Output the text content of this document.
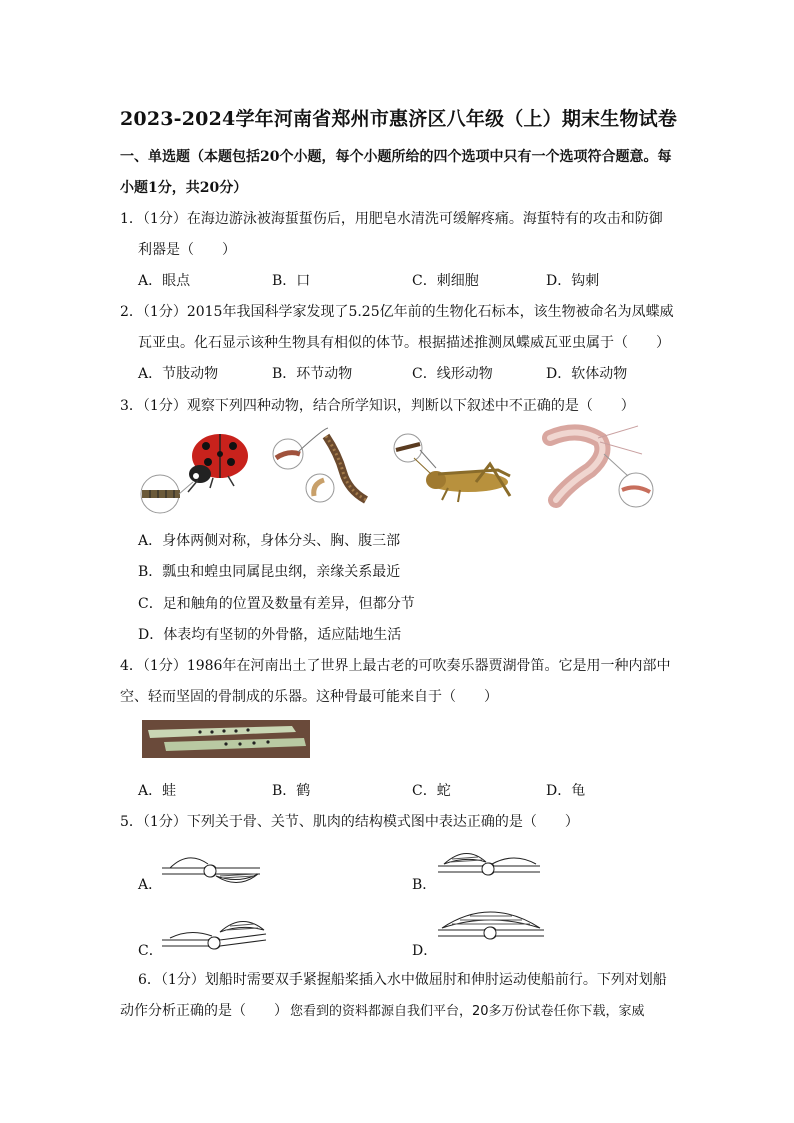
2023-2024学年河南省郑州市惠济区八年级（上）期末生物试卷
一、单选题（本题包括20个小题，每个小题所给的四个选项中只有一个选项符合题意。每
小题1分，共20分）
1．（1分）在海边游泳被海蜇蜇伤后，用肥皂水清洗可缓解疼痛。海蜇特有的攻击和防御
利器是（　　）
A．眼点	B．口	C．刺细胞	D．钩刺
2．（1分）2015年我国科学家发现了5.25亿年前的生物化石标本，该生物被命名为凤蝶威
瓦亚虫。化石显示该种生物具有相似的体节。根据描述推测凤蝶威瓦亚虫属于（　　）
A．节肢动物	B．环节动物	C．线形动物	D．软体动物
3．（1分）观察下列四种动物，结合所学知识，判断以下叙述中不正确的是（　　）
A．身体两侧对称，身体分头、胸、腹三部
B．瓢虫和蝗虫同属昆虫纲，亲缘关系最近
C．足和触角的位置及数量有差异，但都分节
D．体表均有坚韧的外骨骼，适应陆地生活
4．（1分）1986年在河南出土了世界上最古老的可吹奏乐器贾湖骨笛。它是用一种内部中
空、轻而坚固的骨制成的乐器。这种骨最可能来自于（　　）
A．蛙	B．鹤	C．蛇	D．龟
5．（1分）下列关于骨、关节、肌肉的结构模式图中表达正确的是（　　）
A．	B．
C．	D．
6．（1分）划船时需要双手紧握船桨插入水中做屈肘和伸肘运动使船前行。下列对划船
动作分析正确的是（　　） 您看到的资料都源自我们平台，20多万份试卷任你下载，家威
